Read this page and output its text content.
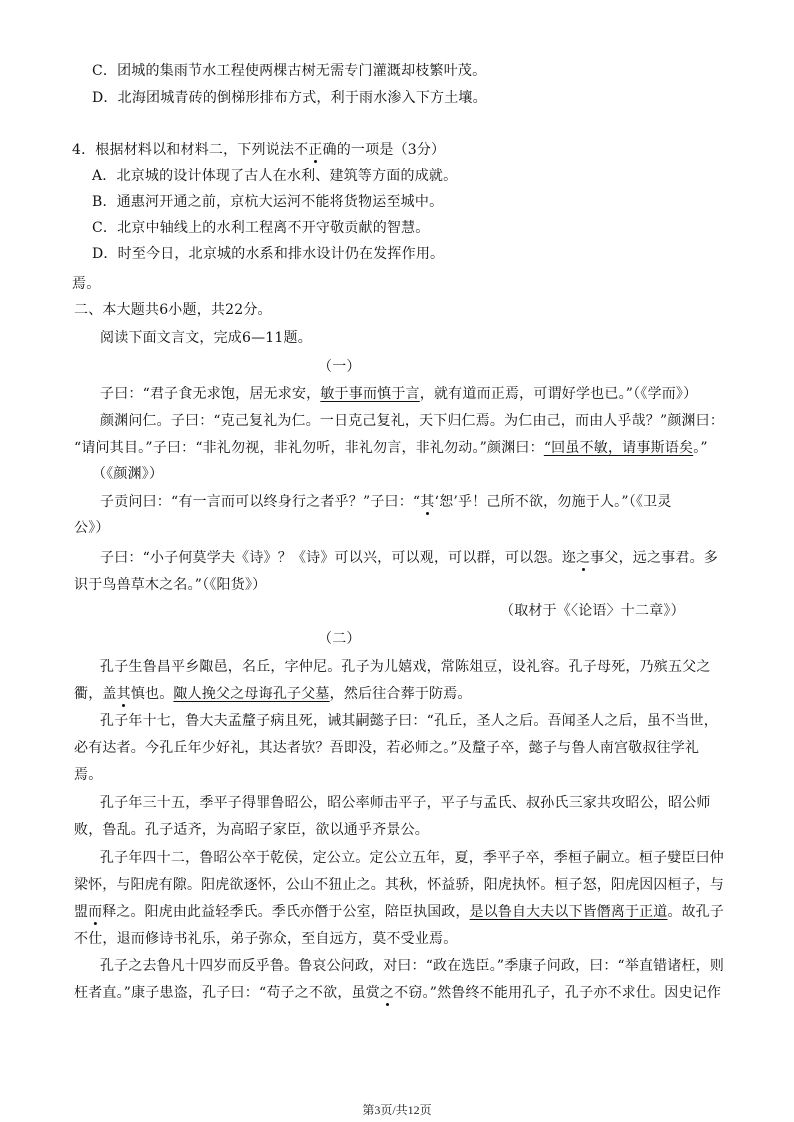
C．团城的集雨节水工程使两棵古树无需专门灌溉却枝繁叶茂。
D．北海团城青砖的倒梯形排布方式，利于雨水渗入下方土壤。
4．根据材料以和材料二，下列说法不正确的一项是（3分）
A．北京城的设计体现了古人在水利、建筑等方面的成就。
B．通惠河开通之前，京杭大运河不能将货物运至城中。
C．北京中轴线上的水利工程离不开守敬贡献的智慧。
D．时至今日，北京城的水系和排水设计仍在发挥作用。
焉。
二、本大题共6小题，共22分。
阅读下面文言文，完成6—11题。
（一）
子曰：“君子食无求饱，居无求安，敏于事而慎于言，就有道而正焉，可谓好学也已。”（《学而》）
颜渊问仁。子曰：“克己复礼为仁。一日克己复礼，天下归仁焉。为仁由己，而由人乎哉？”颜渊曰：
“请问其目。”子曰：“非礼勿视，非礼勿听，非礼勿言，非礼勿动。”颜渊曰：“回虽不敏，请事斯语矣。”
（《颜渊》）
子贡问曰：“有一言而可以终身行之者乎？”子曰：“其‘恕’乎！己所不欲，勿施于人。”（《卫灵
公》）
子曰：“小子何莫学夫《诗》？《诗》可以兴，可以观，可以群，可以怨。迩之事父，远之事君。多
识于鸟兽草木之名。”（《阳货》）
（取材于《〈论语〉十二章》）
（二）
孔子生鲁昌平乡陬邑，名丘，字仲尼。孔子为儿嬉戏，常陈俎豆，设礼容。孔子母死，乃殡五父之
衢，盖其慎也。陬人挽父之母诲孔子父墓，然后往合葬于防焉。
孔子年十七，鲁大夫孟釐子病且死，诫其嗣懿子曰：“孔丘，圣人之后。吾闻圣人之后，虽不当世，
必有达者。今孔丘年少好礼，其达者欤？吾即没，若必师之。”及釐子卒，懿子与鲁人南宫敬叔往学礼
焉。
孔子年三十五，季平子得罪鲁昭公，昭公率师击平子，平子与孟氏、叔孙氏三家共攻昭公，昭公师
败，鲁乱。孔子适齐，为高昭子家臣，欲以通乎齐景公。
孔子年四十二，鲁昭公卒于乾侯，定公立。定公立五年，夏，季平子卒，季桓子嗣立。桓子嬖臣曰仲
梁怀，与阳虎有隙。阳虎欲逐怀，公山不狃止之。其秋，怀益骄，阳虎执怀。桓子怒，阳虎因囚桓子，与
盟而释之。阳虎由此益轻季氏。季氏亦僭于公室，陪臣执国政，是以鲁自大夫以下皆僭离于正道。故孔子
不仕，退而修诗书礼乐，弟子弥众，至自远方，莫不受业焉。
孔子之去鲁凡十四岁而反乎鲁。鲁哀公问政，对曰：“政在选臣。”季康子问政，曰：“举直错诸枉，则
枉者直。”康子患盗，孔子曰：“苟子之不欲，虽赏之不窃。”然鲁终不能用孔子，孔子亦不求仕。因史记作
第3页/共12页
